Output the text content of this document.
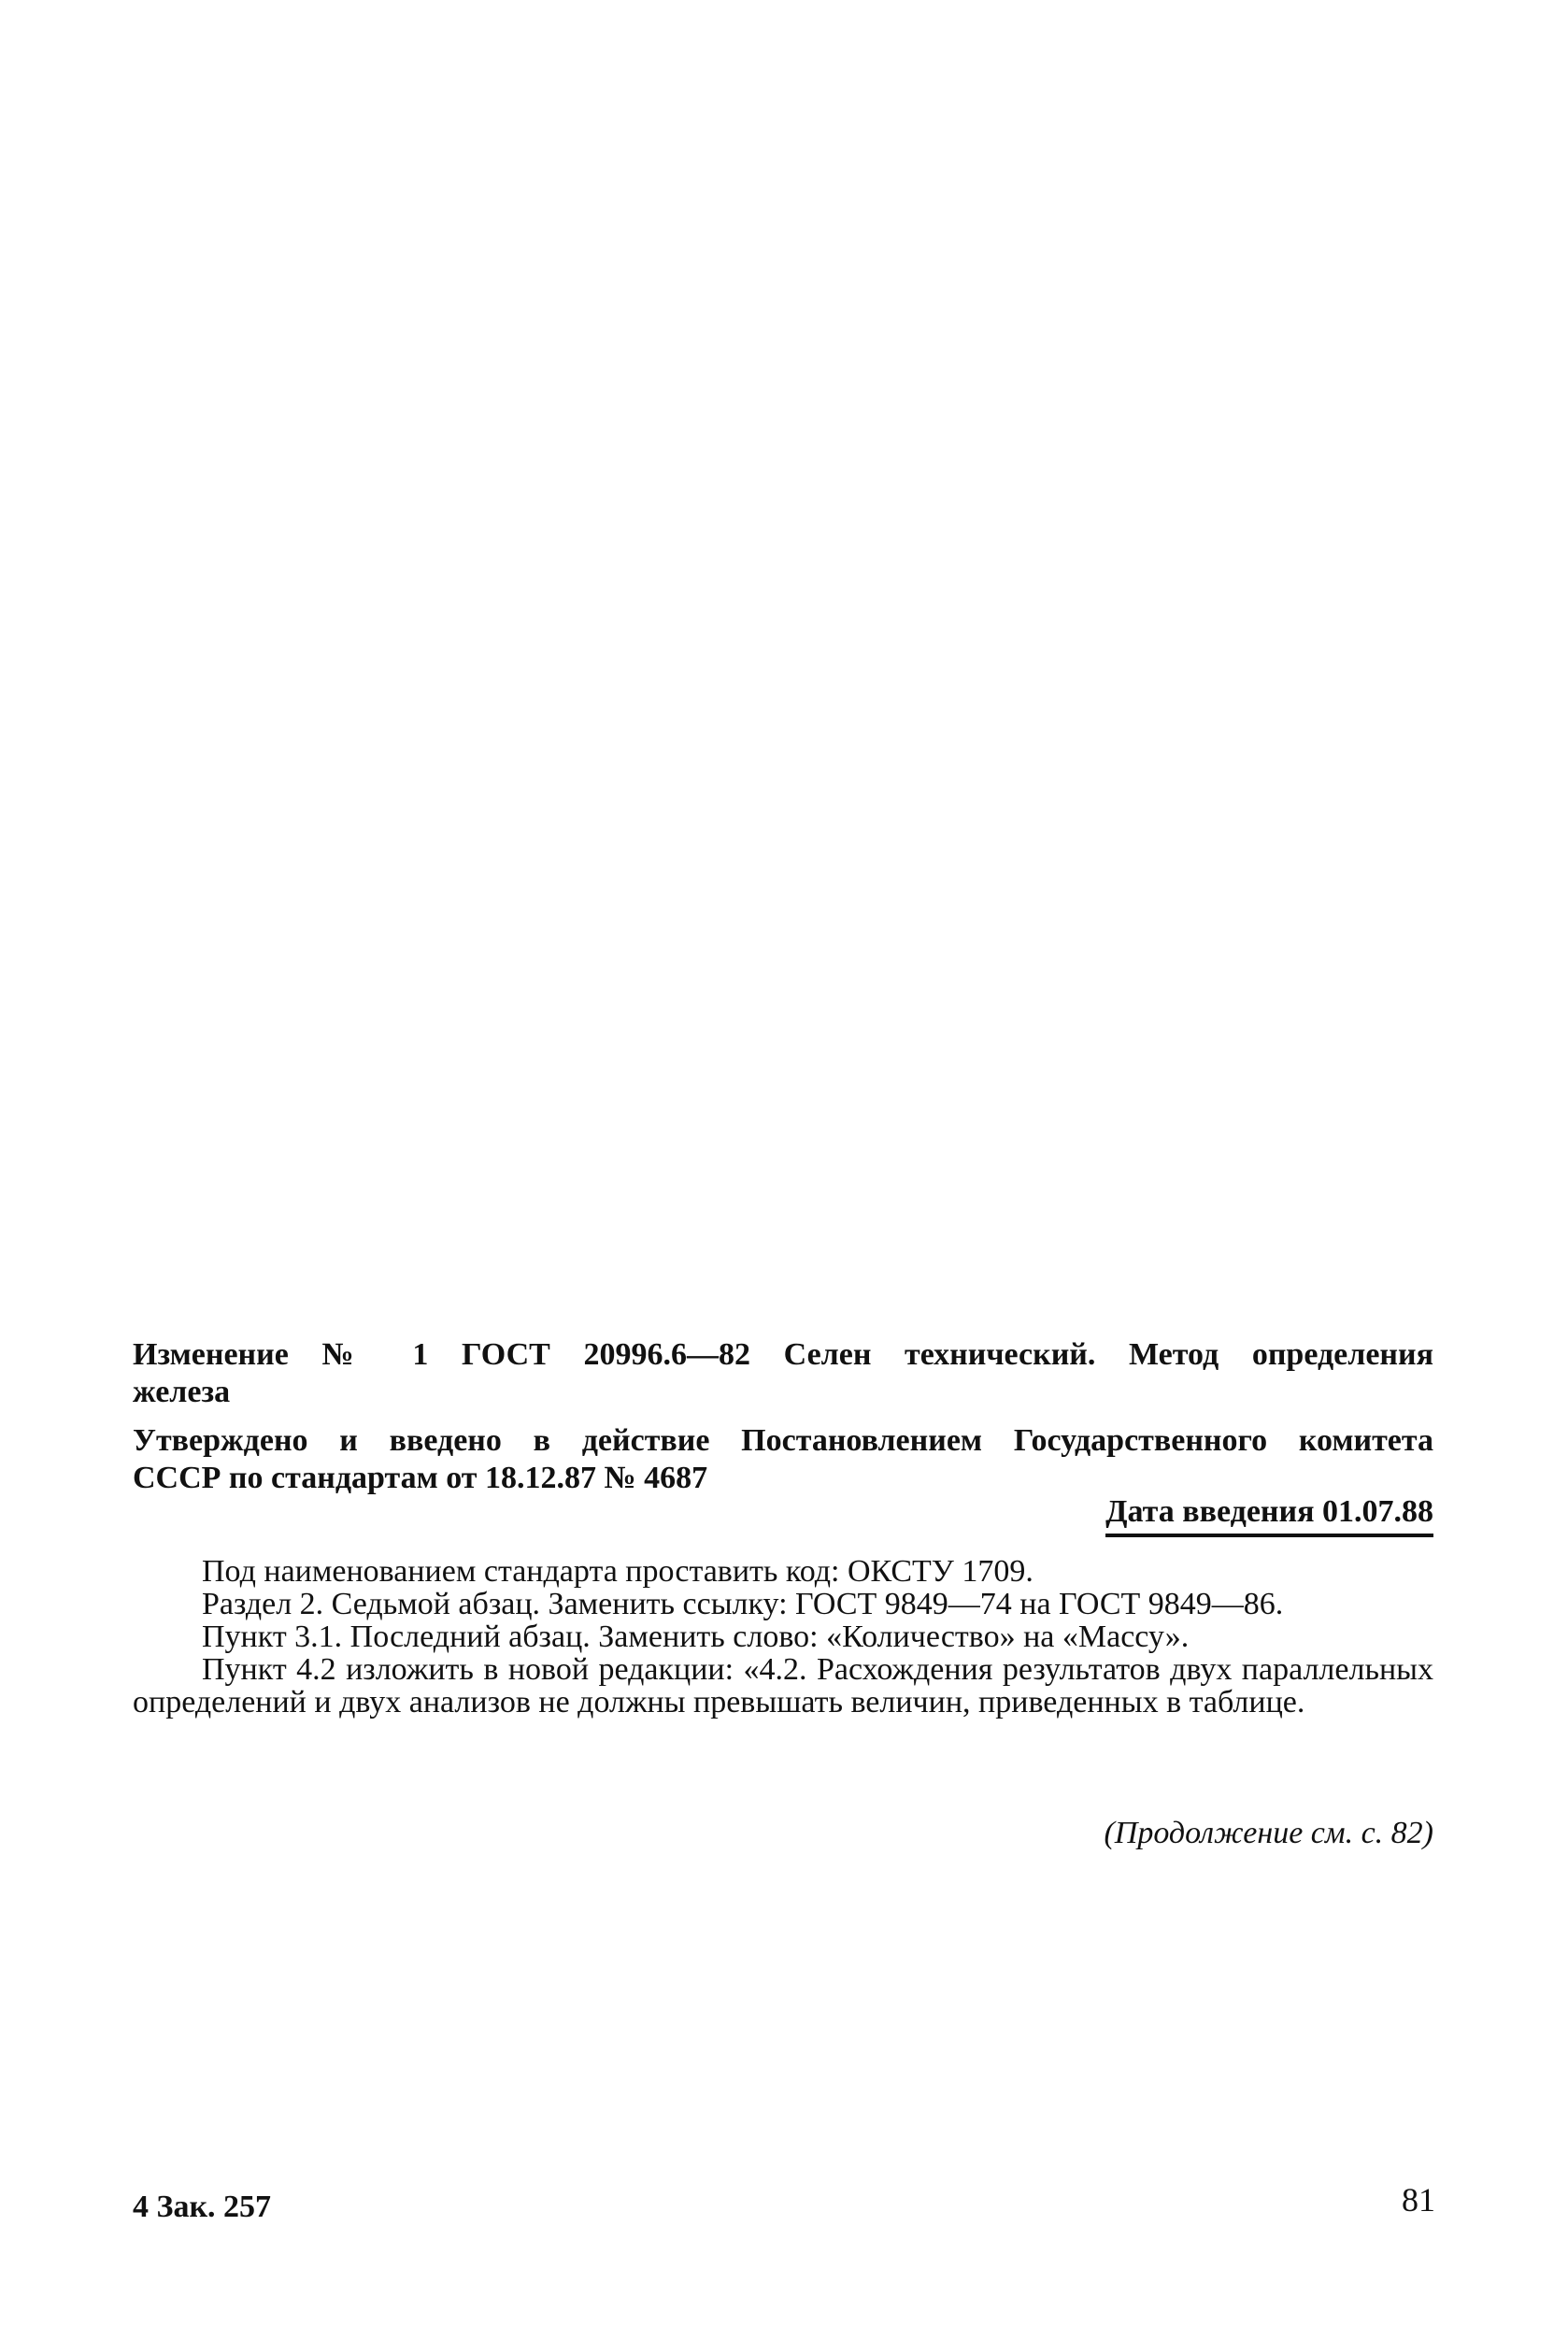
Изменение № 1 ГОСТ 20996.6—82 Селен технический. Метод определения
железа
Утверждено и введено в действие Постановлением Государственного комитета
СССР по стандартам от 18.12.87 № 4687
Дата введения 01.07.88

Под наименованием стандарта проставить код: ОКСТУ 1709.

Раздел 2. Седьмой абзац. Заменить ссылку: ГОСТ 9849—74 на ГОСТ 9849—86.

Пункт 3.1. Последний абзац. Заменить слово: «Количество» на «Массу».

Пункт 4.2 изложить в новой редакции: «4.2. Расхождения результатов двух параллельных определений и двух анализов не должны превышать величин, приведенных в таблице.

(Продолжение см. с. 82)
4 Зак. 257	81
